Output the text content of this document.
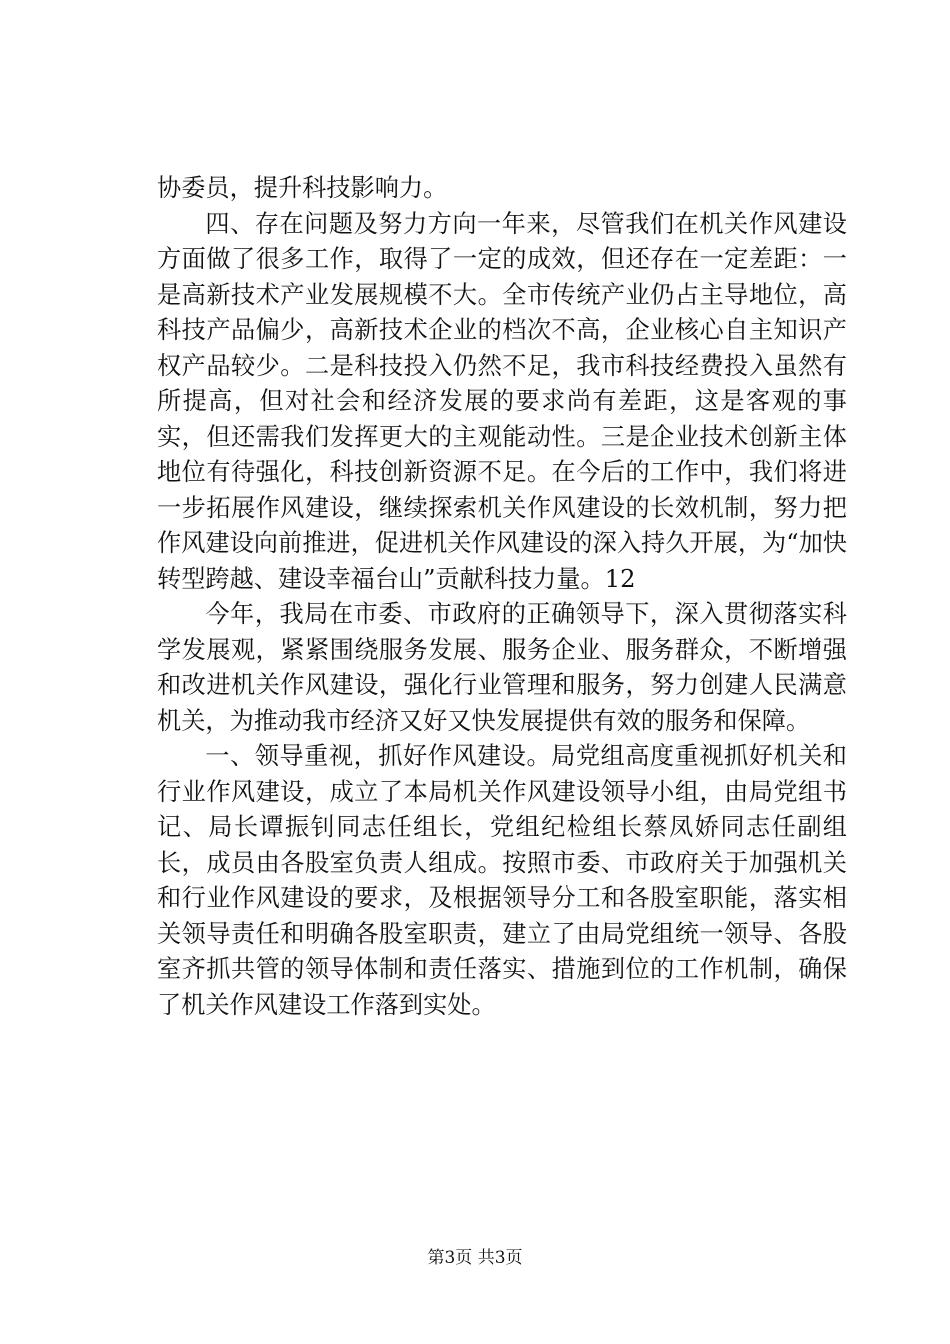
协委员，提升科技影响力。

四、存在问题及努力方向一年来，尽管我们在机关作风建设方面做了很多工作，取得了一定的成效，但还存在一定差距：一是高新技术产业发展规模不大。全市传统产业仍占主导地位，高科技产品偏少，高新技术企业的档次不高，企业核心自主知识产权产品较少。二是科技投入仍然不足，我市科技经费投入虽然有所提高，但对社会和经济发展的要求尚有差距，这是客观的事实，但还需我们发挥更大的主观能动性。三是企业技术创新主体地位有待强化，科技创新资源不足。在今后的工作中，我们将进一步拓展作风建设，继续探索机关作风建设的长效机制，努力把作风建设向前推进，促进机关作风建设的深入持久开展，为“加快转型跨越、建设幸福台山”贡献科技力量。12

今年，我局在市委、市政府的正确领导下，深入贯彻落实科学发展观，紧紧围绕服务发展、服务企业、服务群众，不断增强和改进机关作风建设，强化行业管理和服务，努力创建人民满意机关，为推动我市经济又好又快发展提供有效的服务和保障。

一、领导重视，抓好作风建设。局党组高度重视抓好机关和行业作风建设，成立了本局机关作风建设领导小组，由局党组书记、局长谭振钊同志任组长，党组纪检组长蔡凤娇同志任副组长，成员由各股室负责人组成。按照市委、市政府关于加强机关和行业作风建设的要求，及根据领导分工和各股室职能，落实相关领导责任和明确各股室职责，建立了由局党组统一领导、各股室齐抓共管的领导体制和责任落实、措施到位的工作机制，确保了机关作风建设工作落到实处。

第3页 共3页
